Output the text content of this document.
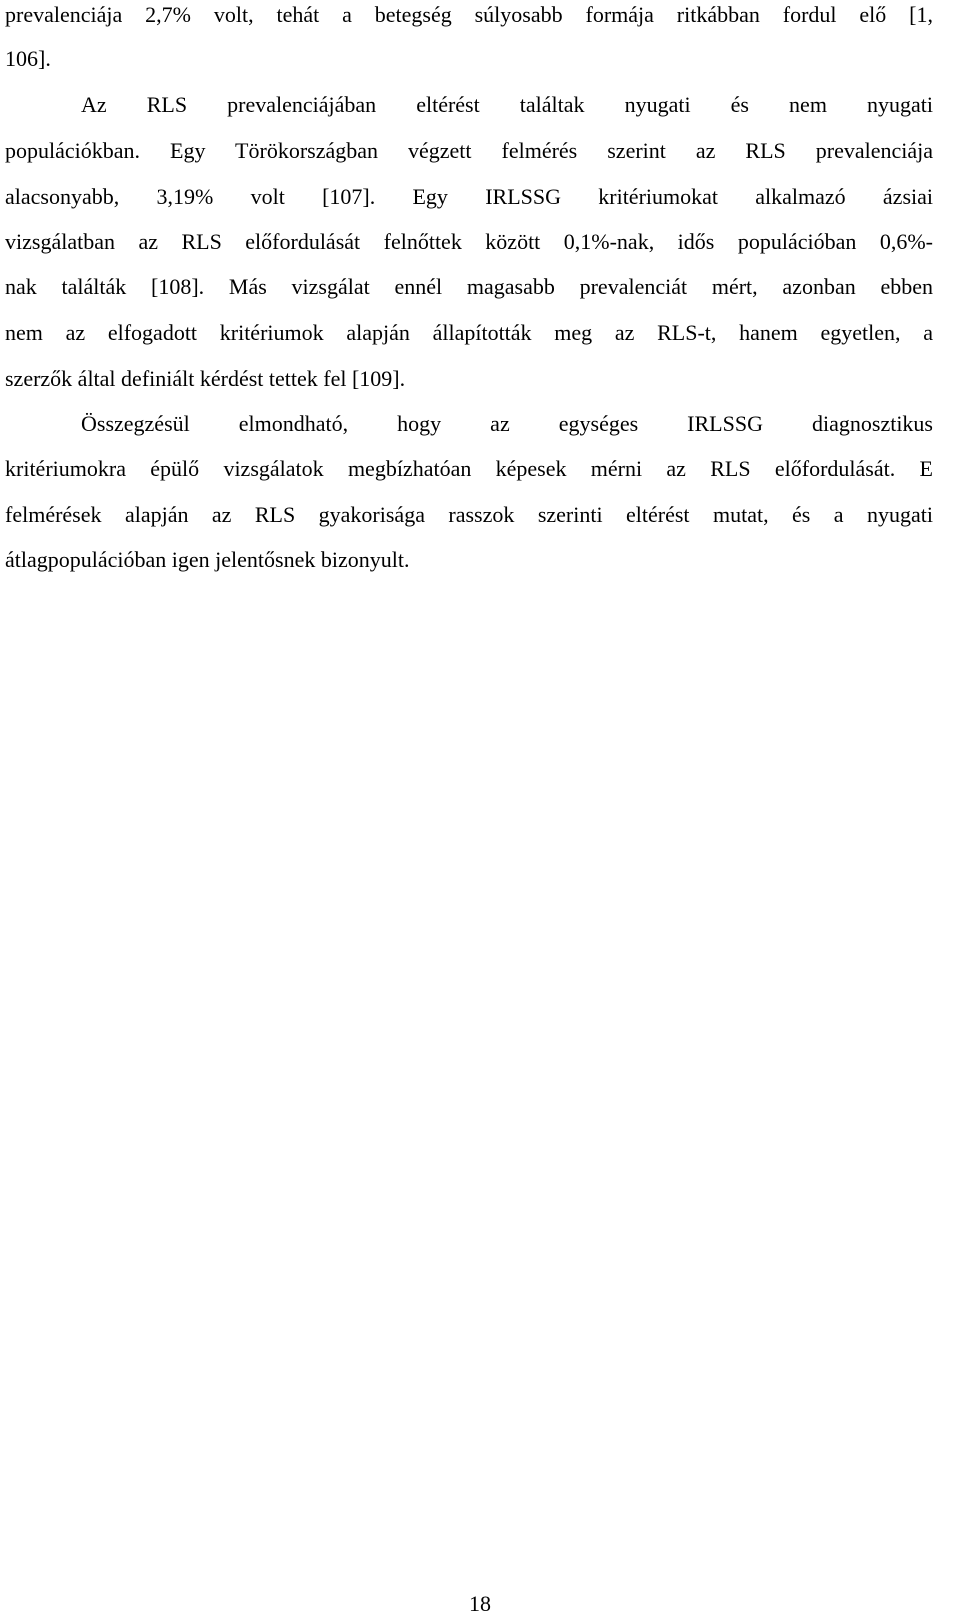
prevalenciája 2,7% volt, tehát a betegség súlyosabb formája ritkábban fordul elő [1,
106].
Az RLS prevalenciájában eltérést találtak nyugati és nem nyugati
populációkban. Egy Törökországban végzett felmérés szerint az RLS prevalenciája
alacsonyabb, 3,19% volt [107]. Egy IRLSSG kritériumokat alkalmazó ázsiai
vizsgálatban az RLS előfordulását felnőttek között 0,1%-nak, idős populációban 0,6%-
nak találták [108]. Más vizsgálat ennél magasabb prevalenciát mért, azonban ebben
nem az elfogadott kritériumok alapján állapították meg az RLS-t, hanem egyetlen, a
szerzők által definiált kérdést tettek fel [109].
Összegzésül elmondható, hogy az egységes IRLSSG diagnosztikus
kritériumokra épülő vizsgálatok megbízhatóan képesek mérni az RLS előfordulását. E
felmérések alapján az RLS gyakorisága rasszok szerinti eltérést mutat, és a nyugati
átlagpopulációban igen jelentősnek bizonyult.
18
